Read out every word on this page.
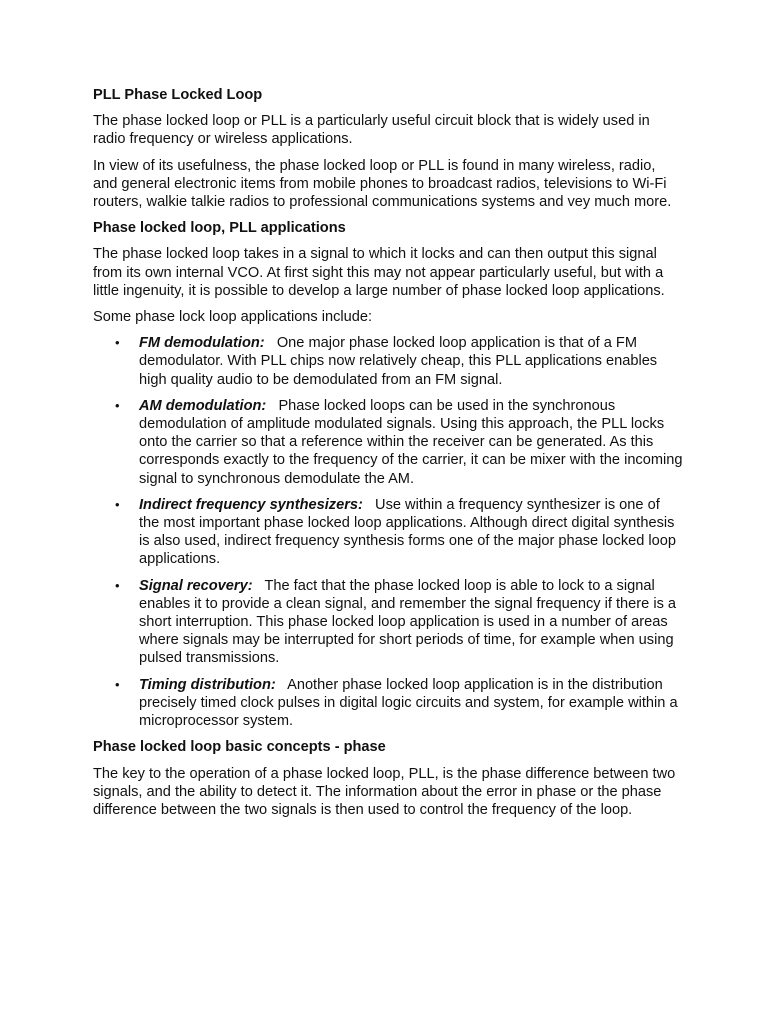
PLL Phase Locked Loop

The phase locked loop or PLL is a particularly useful circuit block that is widely used in radio frequency or wireless applications.

In view of its usefulness, the phase locked loop or PLL is found in many wireless, radio, and general electronic items from mobile phones to broadcast radios, televisions to Wi-Fi routers, walkie talkie radios to professional communications systems and vey much more.

Phase locked loop, PLL applications

The phase locked loop takes in a signal to which it locks and can then output this signal from its own internal VCO. At first sight this may not appear particularly useful, but with a little ingenuity, it is possible to develop a large number of phase locked loop applications.

Some phase lock loop applications include:

• FM demodulation: One major phase locked loop application is that of a FM demodulator. With PLL chips now relatively cheap, this PLL applications enables high quality audio to be demodulated from an FM signal.
• AM demodulation: Phase locked loops can be used in the synchronous demodulation of amplitude modulated signals. Using this approach, the PLL locks onto the carrier so that a reference within the receiver can be generated. As this corresponds exactly to the frequency of the carrier, it can be mixer with the incoming signal to synchronous demodulate the AM.
• Indirect frequency synthesizers: Use within a frequency synthesizer is one of the most important phase locked loop applications. Although direct digital synthesis is also used, indirect frequency synthesis forms one of the major phase locked loop applications.
• Signal recovery: The fact that the phase locked loop is able to lock to a signal enables it to provide a clean signal, and remember the signal frequency if there is a short interruption. This phase locked loop application is used in a number of areas where signals may be interrupted for short periods of time, for example when using pulsed transmissions.
• Timing distribution: Another phase locked loop application is in the distribution precisely timed clock pulses in digital logic circuits and system, for example within a microprocessor system.
Phase locked loop basic concepts - phase

The key to the operation of a phase locked loop, PLL, is the phase difference between two signals, and the ability to detect it. The information about the error in phase or the phase difference between the two signals is then used to control the frequency of the loop.
